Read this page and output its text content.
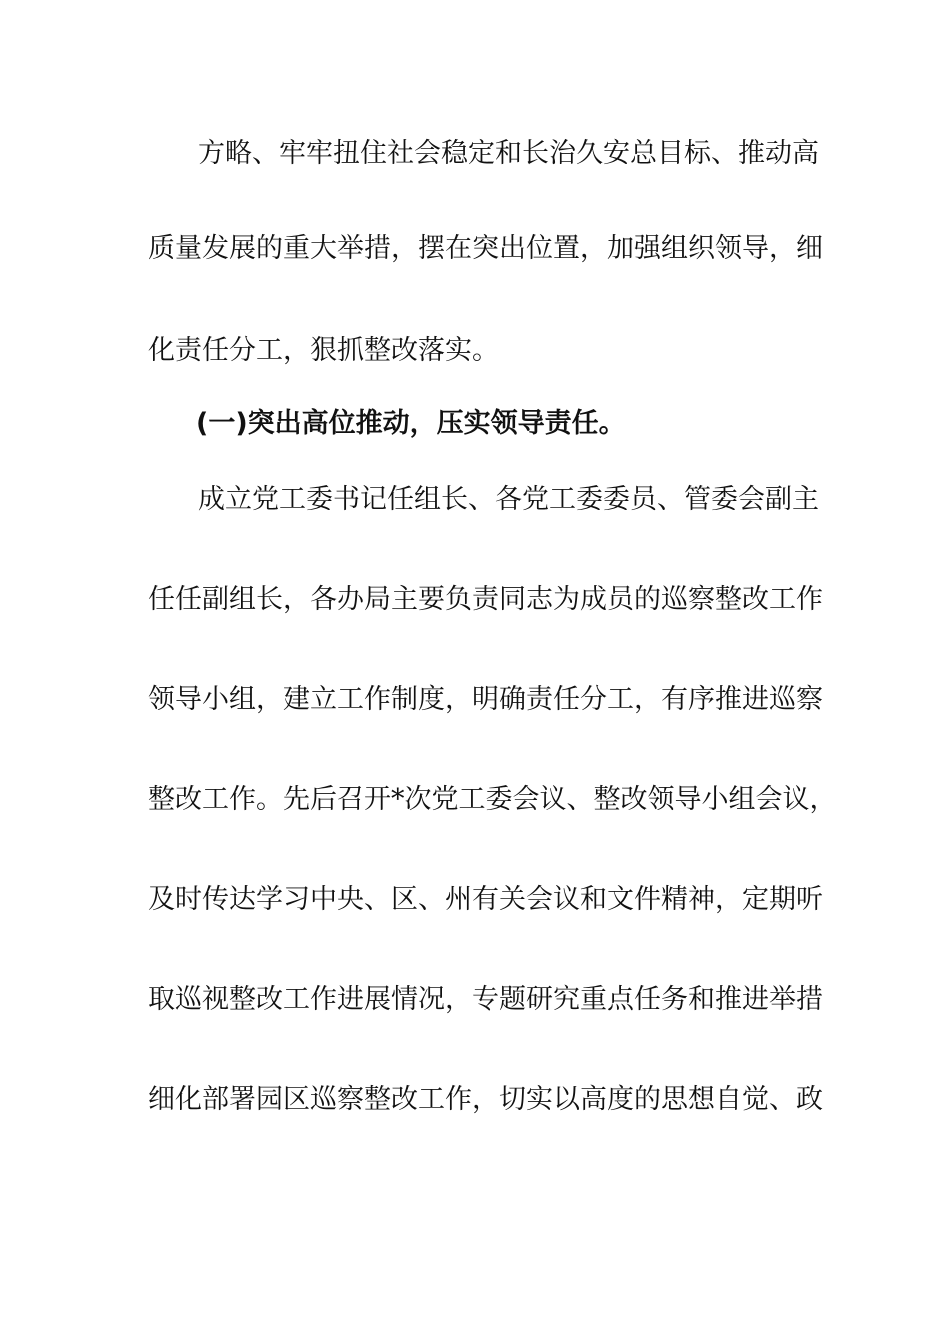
方略、牢牢扭住社会稳定和长治久安总目标、推动高
质量发展的重大举措，摆在突出位置，加强组织领导，细
化责任分工，狠抓整改落实。
(一)突出高位推动，压实领导责任。
成立党工委书记任组长、各党工委委员、管委会副主
任任副组长，各办局主要负责同志为成员的巡察整改工作
领导小组，建立工作制度，明确责任分工，有序推进巡察
整改工作。先后召开*次党工委会议、整改领导小组会议，
及时传达学习中央、区、州有关会议和文件精神，定期听
取巡视整改工作进展情况，专题研究重点任务和推进举措
细化部署园区巡察整改工作，切实以高度的思想自觉、政
